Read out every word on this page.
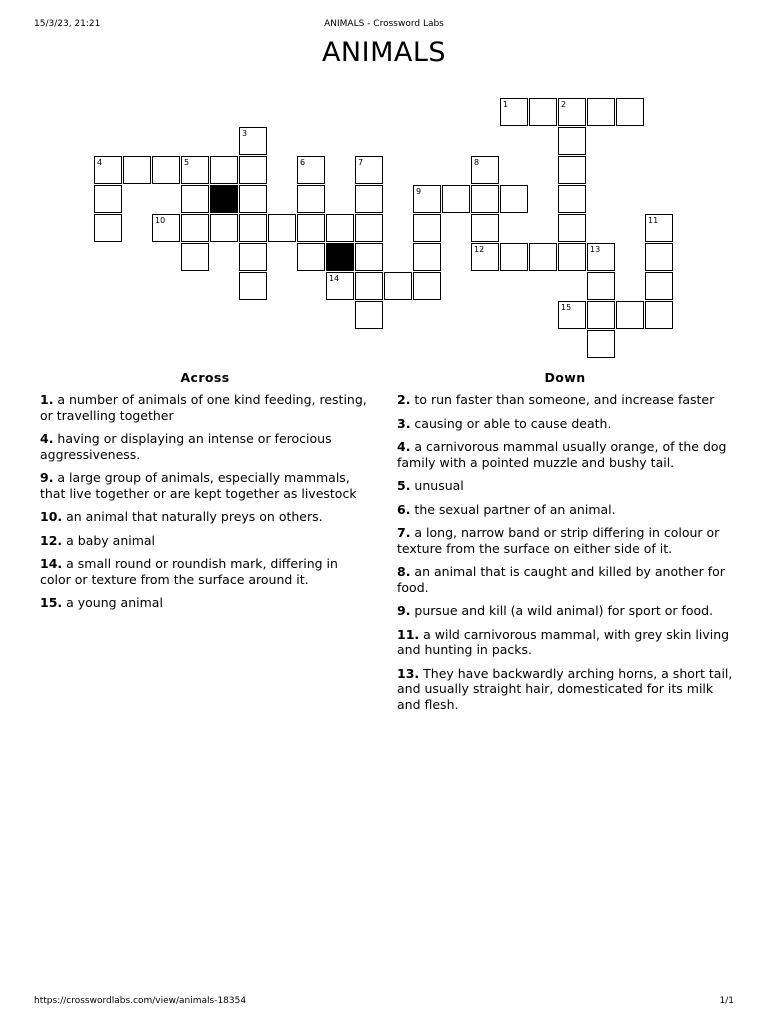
15/3/23, 21:21	ANIMALS - Crossword Labs
ANIMALS
1	2
3
4	5	6	7	8
9
10	11
12	13
14
15
Across
1. a number of animals of one kind feeding, resting, or travelling together
4. having or displaying an intense or ferocious aggressiveness.
9. a large group of animals, especially mammals, that live together or are kept together as livestock
10. an animal that naturally preys on others.
12. a baby animal
14. a small round or roundish mark, differing in color or texture from the surface around it.
15. a young animal
Down
2. to run faster than someone, and increase faster
3. causing or able to cause death.
4. a carnivorous mammal usually orange, of the dog family with a pointed muzzle and bushy tail.
5. unusual
6. the sexual partner of an animal.
7. a long, narrow band or strip differing in colour or texture from the surface on either side of it.
8. an animal that is caught and killed by another for food.
9. pursue and kill (a wild animal) for sport or food.
11. a wild carnivorous mammal, with grey skin living and hunting in packs.
13. They have backwardly arching horns, a short tail, and usually straight hair, domesticated for its milk and flesh.
https://crosswordlabs.com/view/animals-18354	1/1
